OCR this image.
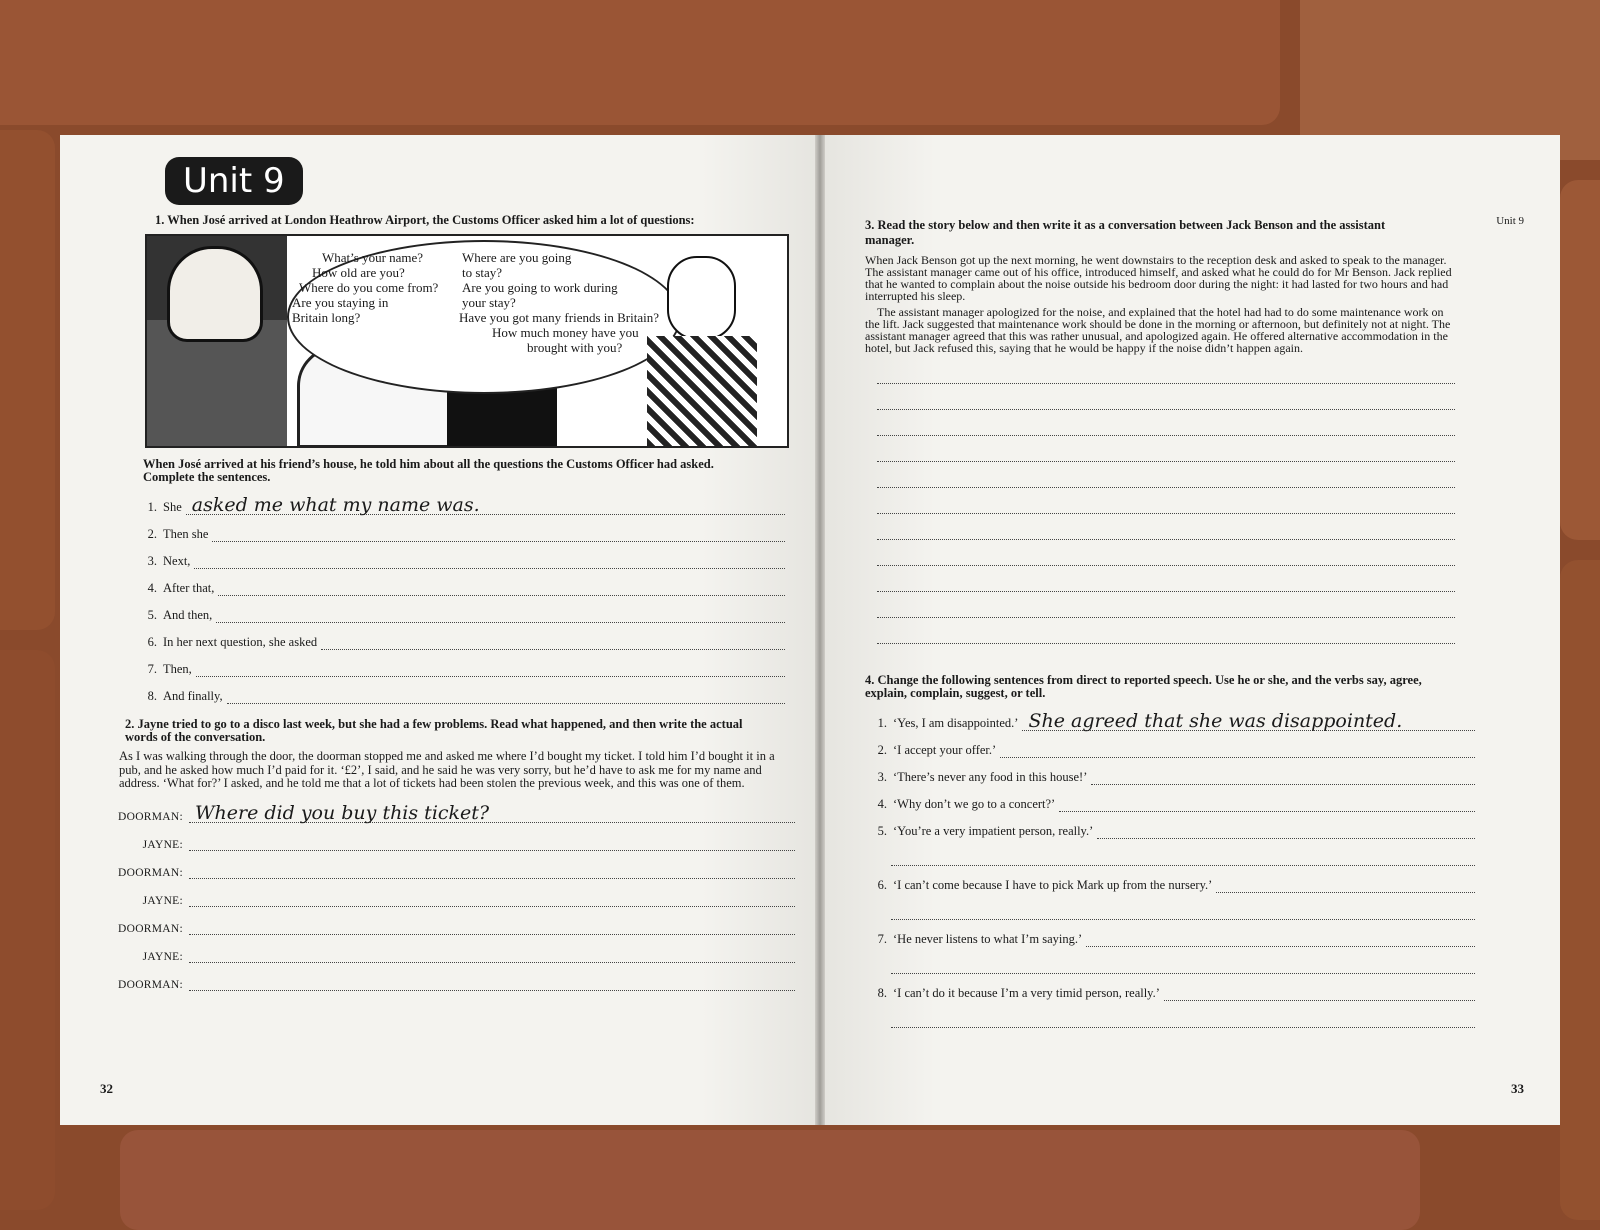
Unit 9
1. When José arrived at London Heathrow Airport, the Customs Officer asked him a lot of questions:
What’s your name?
How old are you?
Where do you come from?
Are you staying in
Britain long?
Where are you going
to stay?
Are you going to work during
your stay?
Have you got many friends in Britain?
How much money have you
brought with you?
When José arrived at his friend’s house, he told him about all the questions the Customs Officer had asked. Complete the sentences.
1. She asked me what my name was.
2. Then she
3. Next,
4. After that,
5. And then,
6. In her next question, she asked
7. Then,
8. And finally,
2. Jayne tried to go to a disco last week, but she had a few problems. Read what happened, and then write the actual words of the conversation.
As I was walking through the door, the doorman stopped me and asked me where I’d bought my ticket. I told him I’d bought it in a pub, and he asked how much I’d paid for it. ‘£2’, I said, and he said he was very sorry, but he’d have to ask me for my name and address. ‘What for?’ I asked, and he told me that a lot of tickets had been stolen the previous week, and this was one of them.
DOORMAN: Where did you buy this ticket?
JAYNE:
DOORMAN:
JAYNE:
DOORMAN:
JAYNE:
DOORMAN:
32
Unit 9
3. Read the story below and then write it as a conversation between Jack Benson and the assistant manager.
When Jack Benson got up the next morning, he went downstairs to the reception desk and asked to speak to the manager. The assistant manager came out of his office, introduced himself, and asked what he could do for Mr Benson. Jack replied that he wanted to complain about the noise outside his bedroom door during the night: it had lasted for two hours and had interrupted his sleep.
The assistant manager apologized for the noise, and explained that the hotel had had to do some maintenance work on the lift. Jack suggested that maintenance work should be done in the morning or afternoon, but definitely not at night. The assistant manager agreed that this was rather unusual, and apologized again. He offered alternative accommodation in the hotel, but Jack refused this, saying that he would be happy if the noise didn’t happen again.
4. Change the following sentences from direct to reported speech. Use he or she, and the verbs say, agree, explain, complain, suggest, or tell.
1. ‘Yes, I am disappointed.’ She agreed that she was disappointed.
2. ‘I accept your offer.’
3. ‘There’s never any food in this house!’
4. ‘Why don’t we go to a concert?’
5. ‘You’re a very impatient person, really.’
6. ‘I can’t come because I have to pick Mark up from the nursery.’
7. ‘He never listens to what I’m saying.’
8. ‘I can’t do it because I’m a very timid person, really.’
33
